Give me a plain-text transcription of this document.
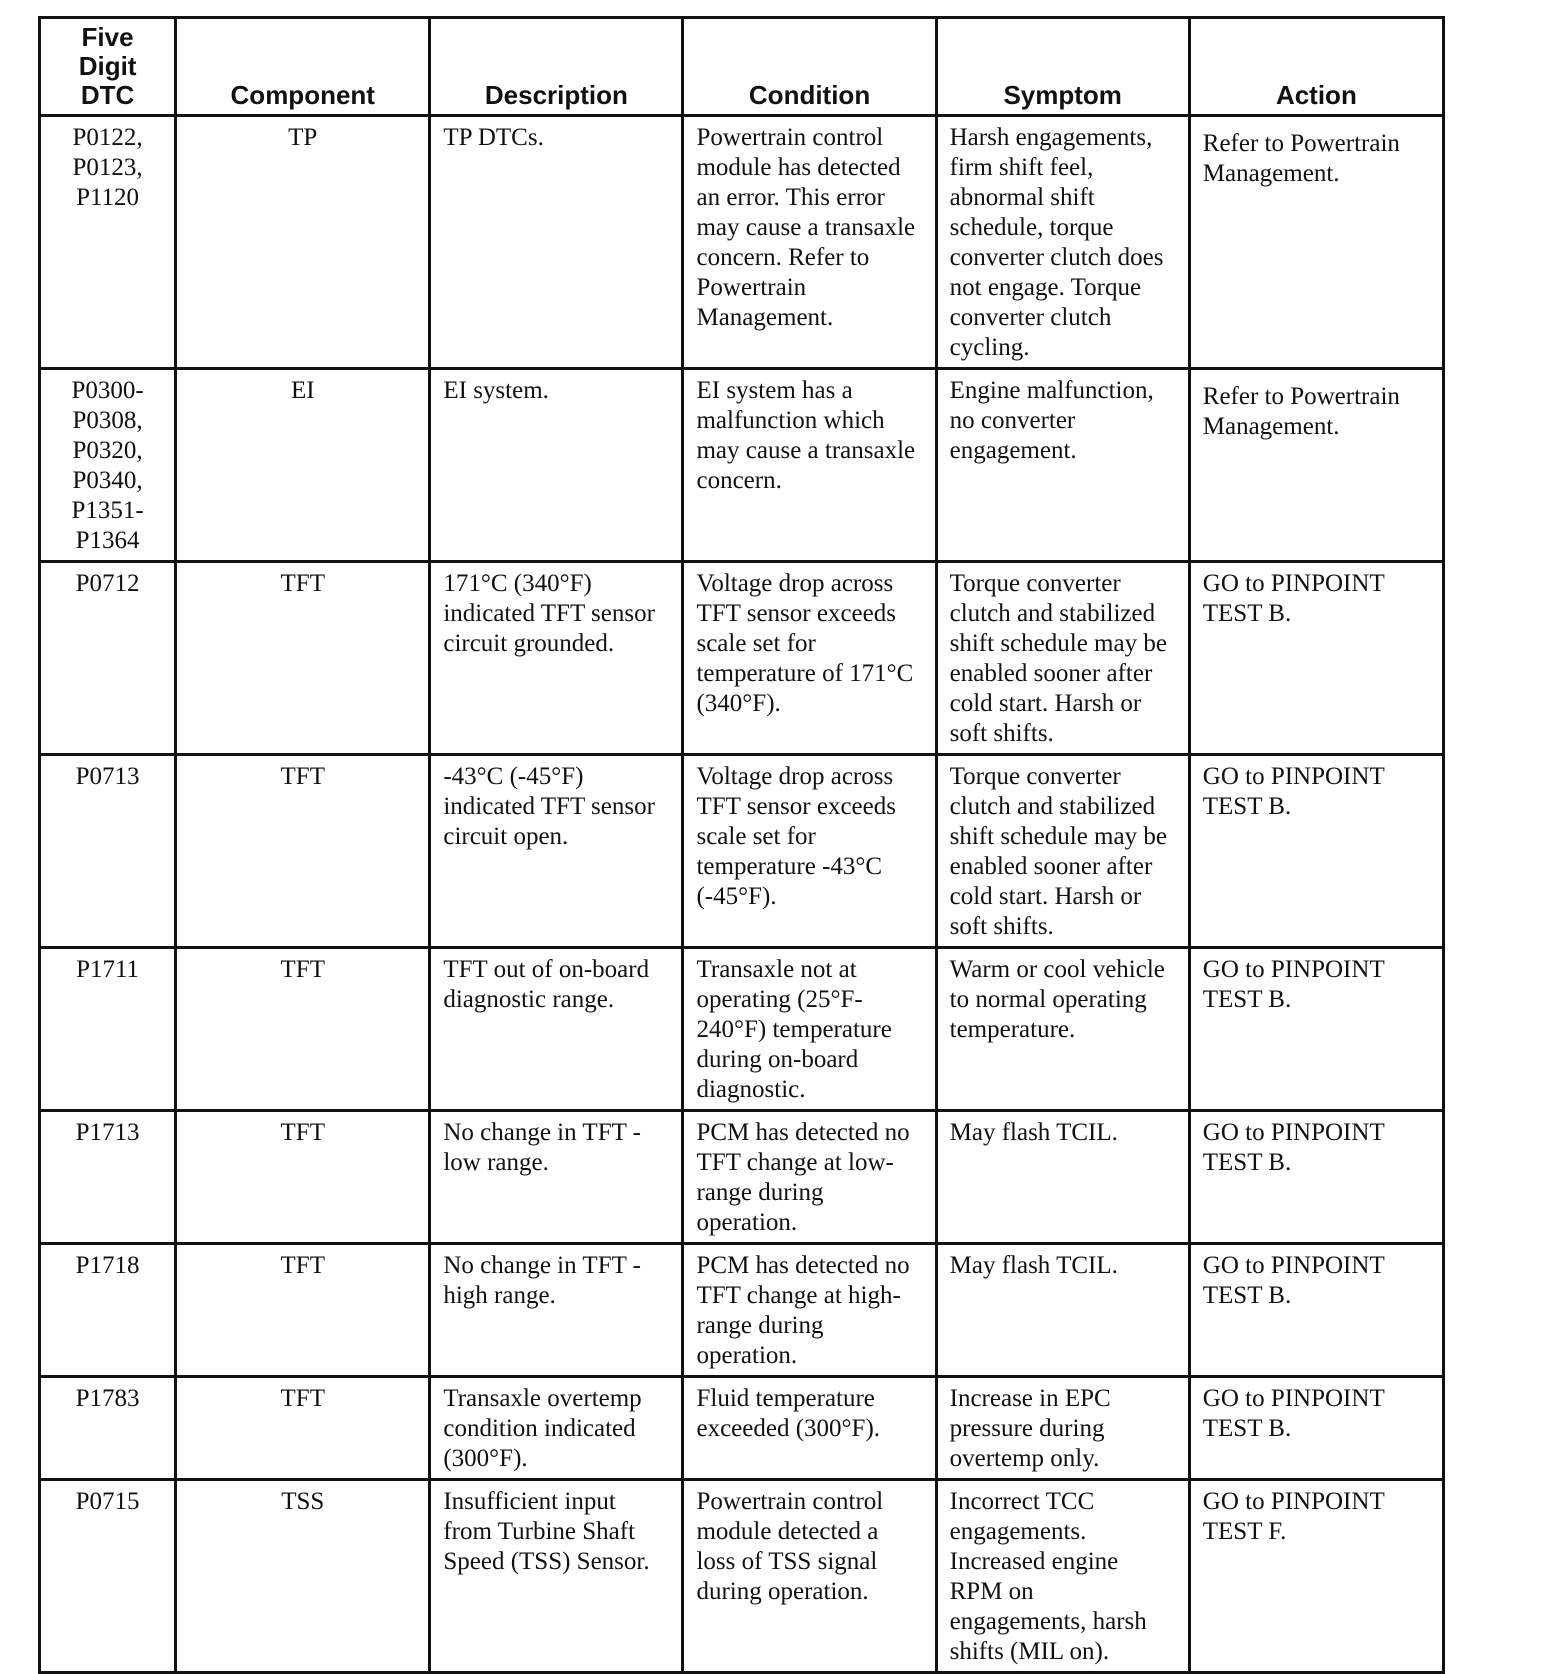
Five Digit DTC	Component	Description	Condition	Symptom	Action
P0122, P0123, P1120	TP	TP DTCs.	Powertrain control module has detected an error. This error may cause a transaxle concern. Refer to Powertrain Management.	Harsh engagements, firm shift feel, abnormal shift schedule, torque converter clutch does not engage. Torque converter clutch cycling.	Refer to Powertrain Management.
P0300-P0308, P0320, P0340, P1351-P1364	EI	EI system.	EI system has a malfunction which may cause a transaxle concern.	Engine malfunction, no converter engagement.	Refer to Powertrain Management.
P0712	TFT	171°C (340°F) indicated TFT sensor circuit grounded.	Voltage drop across TFT sensor exceeds scale set for temperature of 171°C (340°F).	Torque converter clutch and stabilized shift schedule may be enabled sooner after cold start. Harsh or soft shifts.	GO to PINPOINT TEST B.
P0713	TFT	-43°C (-45°F) indicated TFT sensor circuit open.	Voltage drop across TFT sensor exceeds scale set for temperature -43°C (-45°F).	Torque converter clutch and stabilized shift schedule may be enabled sooner after cold start. Harsh or soft shifts.	GO to PINPOINT TEST B.
P1711	TFT	TFT out of on-board diagnostic range.	Transaxle not at operating (25°F-240°F) temperature during on-board diagnostic.	Warm or cool vehicle to normal operating temperature.	GO to PINPOINT TEST B.
P1713	TFT	No change in TFT - low range.	PCM has detected no TFT change at low-range during operation.	May flash TCIL.	GO to PINPOINT TEST B.
P1718	TFT	No change in TFT - high range.	PCM has detected no TFT change at high-range during operation.	May flash TCIL.	GO to PINPOINT TEST B.
P1783	TFT	Transaxle overtemp condition indicated (300°F).	Fluid temperature exceeded (300°F).	Increase in EPC pressure during overtemp only.	GO to PINPOINT TEST B.
P0715	TSS	Insufficient input from Turbine Shaft Speed (TSS) Sensor.	Powertrain control module detected a loss of TSS signal during operation.	Incorrect TCC engagements. Increased engine RPM on engagements, harsh shifts (MIL on).	GO to PINPOINT TEST F.
